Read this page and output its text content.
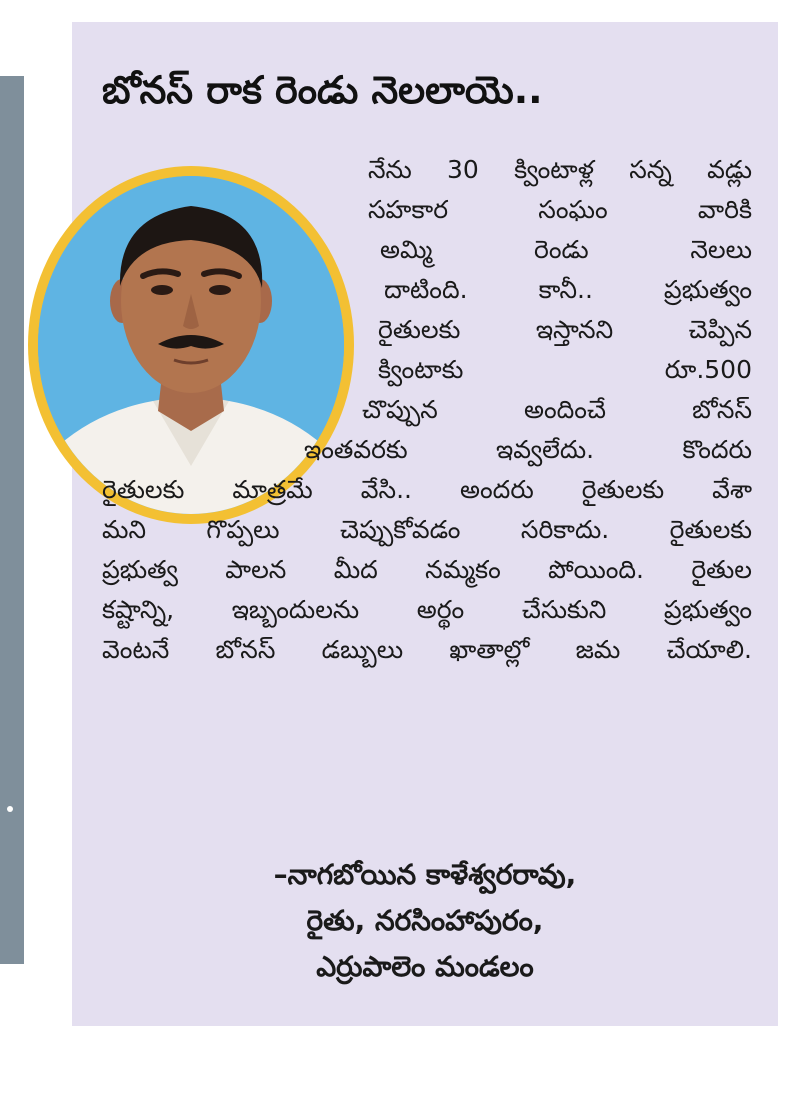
బోనస్ రాక రెండు నెలలాయె..
నేను 30 క్వింటాళ్ల సన్న వడ్లు
సహకార సంఘం వారికి
అమ్మి రెండు నెలలు
దాటింది. కానీ.. ప్రభుత్వం
రైతులకు ఇస్తానని చెప్పిన
క్వింటాకు రూ.500
చొప్పున అందించే బోనస్
ఇంతవరకు ఇవ్వలేదు. కొందరు
రైతులకు మాత్రమే వేసి.. అందరు రైతులకు వేశా
మని గొప్పలు చెప్పుకోవడం సరికాదు. రైతులకు
ప్రభుత్వ పాలన మీద నమ్మకం పోయింది. రైతుల
కష్టాన్ని, ఇబ్బందులను అర్థం చేసుకుని ప్రభుత్వం
వెంటనే బోనస్ డబ్బులు ఖాతాల్లో జమ చేయాలి.
–నాగబోయిన కాళేశ్వరరావు,
రైతు, నరసింహాపురం,
ఎర్రుపాలెం మండలం
